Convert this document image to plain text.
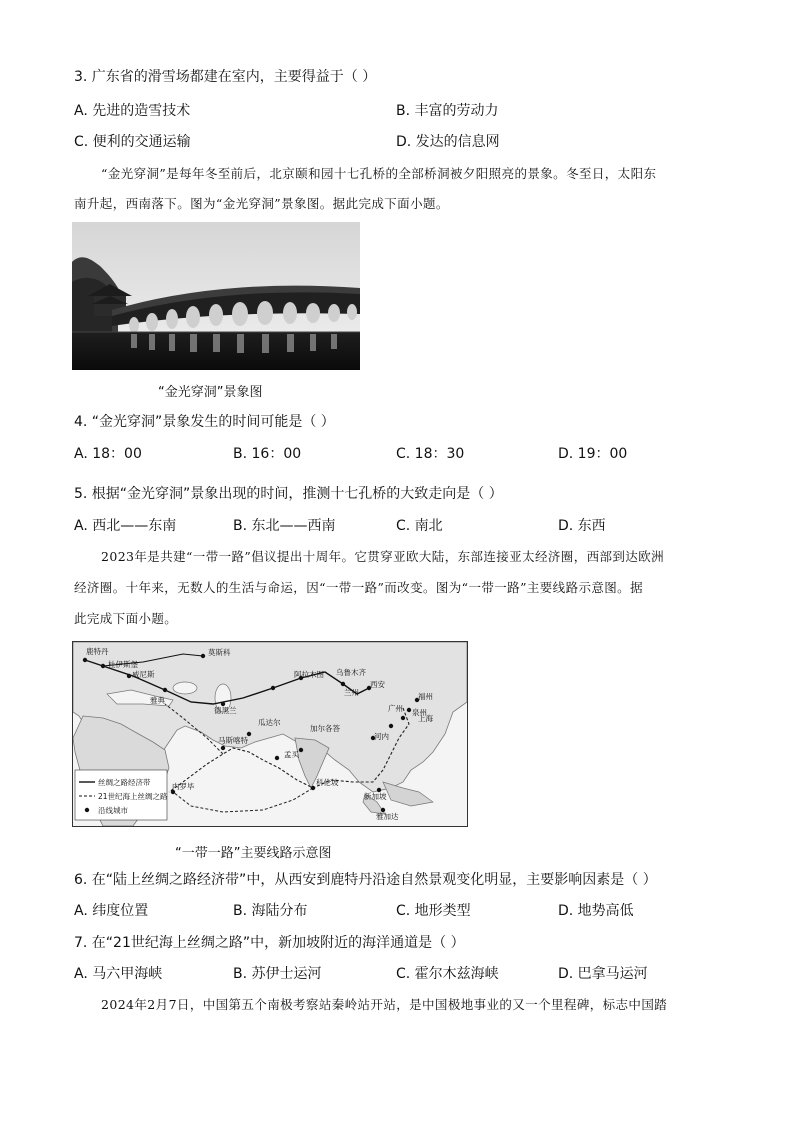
3. 广东省的滑雪场都建在室内，主要得益于（ ）
A. 先进的造雪技术	B. 丰富的劳动力
C. 便利的交通运输	D. 发达的信息网
“金光穿洞”是每年冬至前后，北京颐和园十七孔桥的全部桥洞被夕阳照亮的景象。冬至日，太阳东
南升起，西南落下。图为“金光穿洞”景象图。据此完成下面小题。
“金光穿洞”景象图
4. “金光穿洞”景象发生的时间可能是（ ）
A. 18：00	B. 16：00	C. 18：30	D. 19：00
5. 根据“金光穿洞”景象出现的时间，推测十七孔桥的大致走向是（ ）
A. 西北——东南	B. 东北——西南	C. 南北	D. 东西
2023年是共建“一带一路”倡议提出十周年。它贯穿亚欧大陆，东部连接亚太经济圈，西部到达欧洲
经济圈。十年来，无数人的生活与命运，因“一带一路”而改变。图为“一带一路”主要线路示意图。据
此完成下面小题。
鹿特丹	莫斯科
杜伊斯堡
威尼斯
雅典
阿拉木图 乌鲁木齐
兰州
西安
德黑兰
瓜达尔
加尔各答
马斯喀特
孟买
福州
泉州
广州
上海
河内
科伦坡
内罗毕
新加坡
雅加达
丝绸之路经济带
21世纪海上丝绸之路
沿线城市
“一带一路”主要线路示意图
6. 在“陆上丝绸之路经济带”中，从西安到鹿特丹沿途自然景观变化明显，主要影响因素是（ ）
A. 纬度位置	B. 海陆分布	C. 地形类型	D. 地势高低
7. 在“21世纪海上丝绸之路”中，新加坡附近的海洋通道是（ ）
A. 马六甲海峡	B. 苏伊士运河	C. 霍尔木兹海峡	D. 巴拿马运河
2024年2月7日，中国第五个南极考察站秦岭站开站，是中国极地事业的又一个里程碑，标志中国踏
